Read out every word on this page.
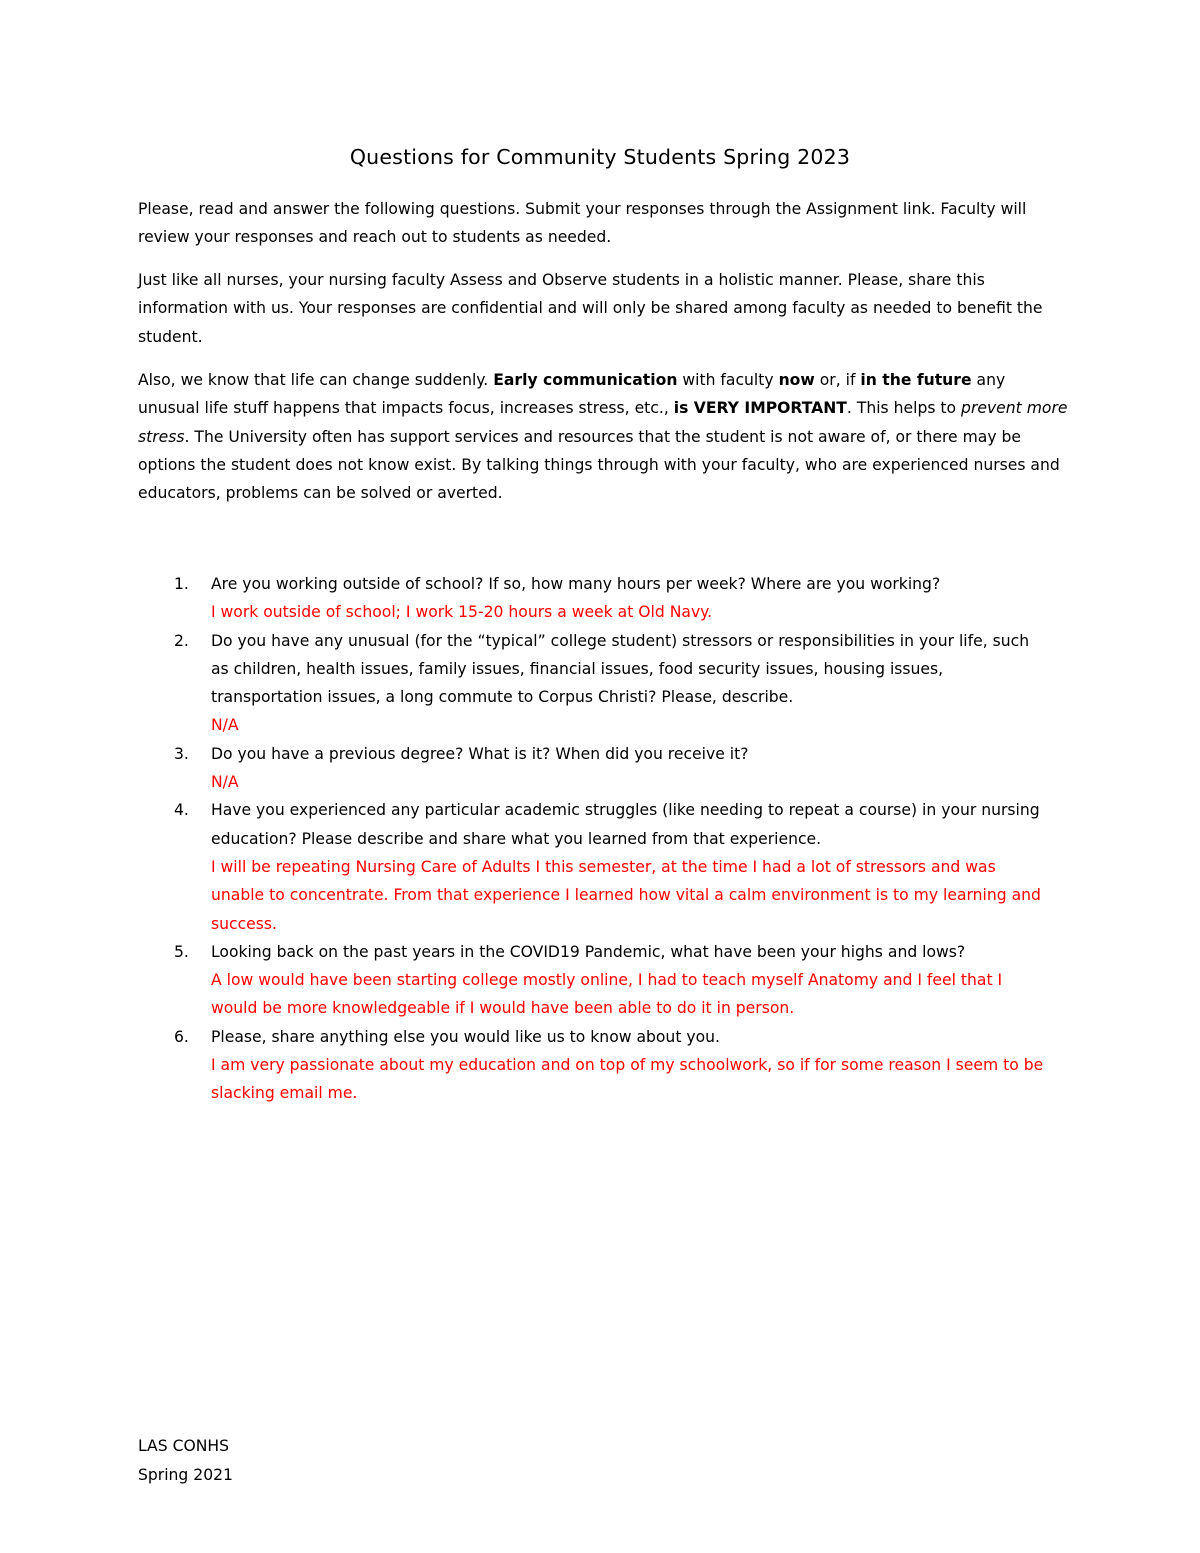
Questions for Community Students Spring 2023
Please, read and answer the following questions. Submit your responses through the Assignment link. Faculty will review your responses and reach out to students as needed.
Just like all nurses, your nursing faculty Assess and Observe students in a holistic manner. Please, share this information with us. Your responses are confidential and will only be shared among faculty as needed to benefit the student.
Also, we know that life can change suddenly. Early communication with faculty now or, if in the future any unusual life stuff happens that impacts focus, increases stress, etc., is VERY IMPORTANT. This helps to prevent more stress. The University often has support services and resources that the student is not aware of, or there may be options the student does not know exist. By talking things through with your faculty, who are experienced nurses and educators, problems can be solved or averted.
1. Are you working outside of school? If so, how many hours per week? Where are you working?
I work outside of school; I work 15-20 hours a week at Old Navy.
2. Do you have any unusual (for the “typical” college student) stressors or responsibilities in your life, such as children, health issues, family issues, financial issues, food security issues, housing issues, transportation issues, a long commute to Corpus Christi? Please, describe.
N/A
3. Do you have a previous degree? What is it? When did you receive it?
N/A
4. Have you experienced any particular academic struggles (like needing to repeat a course) in your nursing education? Please describe and share what you learned from that experience.
I will be repeating Nursing Care of Adults I this semester, at the time I had a lot of stressors and was unable to concentrate. From that experience I learned how vital a calm environment is to my learning and success.
5. Looking back on the past years in the COVID19 Pandemic, what have been your highs and lows?
A low would have been starting college mostly online, I had to teach myself Anatomy and I feel that I would be more knowledgeable if I would have been able to do it in person.
6. Please, share anything else you would like us to know about you.
I am very passionate about my education and on top of my schoolwork, so if for some reason I seem to be slacking email me.
LAS CONHS
Spring 2021
